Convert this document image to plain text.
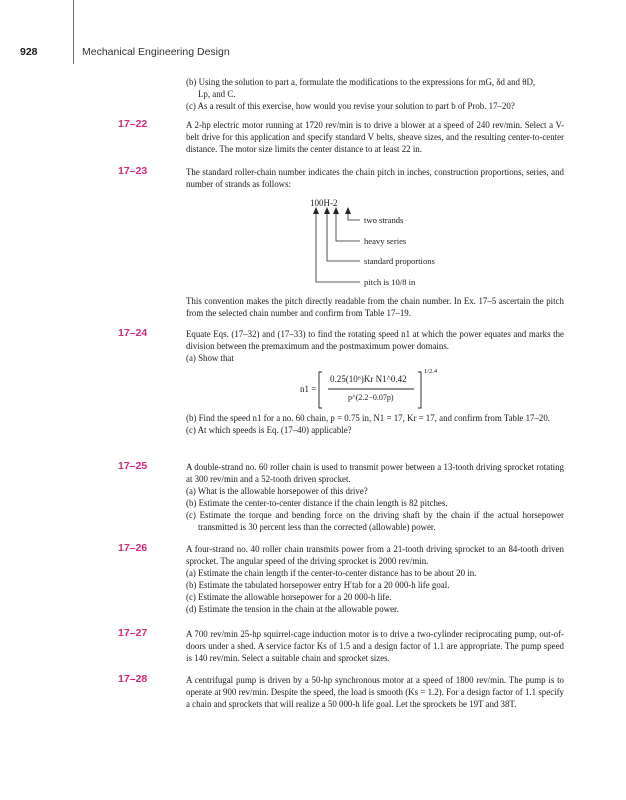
928	Mechanical Engineering Design

(b) Using the solution to part a, formulate the modifications to the expressions for mG, δd and θD,
Lp, and C.

(c) As a result of this exercise, how would you revise your solution to part b of Prob. 17–20?

17–22	A 2-hp electric motor running at 1720 rev/min is to drive a blower at a speed of 240 rev/min. Select a V-belt drive for this application and specify standard V belts, sheave sizes, and the resulting center-to-center distance. The motor size limits the center distance to at least 22 in.

17–23	The standard roller-chain number indicates the chain pitch in inches, construction proportions, series, and number of strands as follows:

100H-2
two strands
heavy series
standard proportions
pitch is 10/8 in

This convention makes the pitch directly readable from the chain number. In Ex. 17–5 ascertain the pitch from the selected chain number and confirm from Table 17–19.

17–24	Equate Eqs. (17–32) and (17–33) to find the rotating speed n1 at which the power equates and marks the division between the premaximum and the postmaximum power domains.

(a) Show that

n1 =
0.25(10⁶)Kr N1^0.42
p^(2.2−0.07p)
1/2.4

(b) Find the speed n1 for a no. 60 chain, p = 0.75 in, N1 = 17, Kr = 17, and confirm from Table 17–20.

(c) At which speeds is Eq. (17–40) applicable?

17–25	A double-strand no. 60 roller chain is used to transmit power between a 13-tooth driving sprocket rotating at 300 rev/min and a 52-tooth driven sprocket.

(a) What is the allowable horsepower of this drive?

(b) Estimate the center-to-center distance if the chain length is 82 pitches.

(c) Estimate the torque and bending force on the driving shaft by the chain if the actual horsepower transmitted is 30 percent less than the corrected (allowable) power.

17–26	A four-strand no. 40 roller chain transmits power from a 21-tooth driving sprocket to an 84-tooth driven sprocket. The angular speed of the driving sprocket is 2000 rev/min.

(a) Estimate the chain length if the center-to-center distance has to be about 20 in.

(b) Estimate the tabulated horsepower entry H′tab for a 20 000-h life goal.

(c) Estimate the allowable horsepower for a 20 000-h life.

(d) Estimate the tension in the chain at the allowable power.

17–27	A 700 rev/min 25-hp squirrel-cage induction motor is to drive a two-cylinder reciprocating pump, out-of-doors under a shed. A service factor Ks of 1.5 and a design factor of 1.1 are appropriate. The pump speed is 140 rev/min. Select a suitable chain and sprocket sizes.

17–28	A centrifugal pump is driven by a 50-hp synchronous motor at a speed of 1800 rev/min. The pump is to operate at 900 rev/min. Despite the speed, the load is smooth (Ks = 1.2). For a design factor of 1.1 specify a chain and sprockets that will realize a 50 000-h life goal. Let the sprockets be 19T and 38T.
